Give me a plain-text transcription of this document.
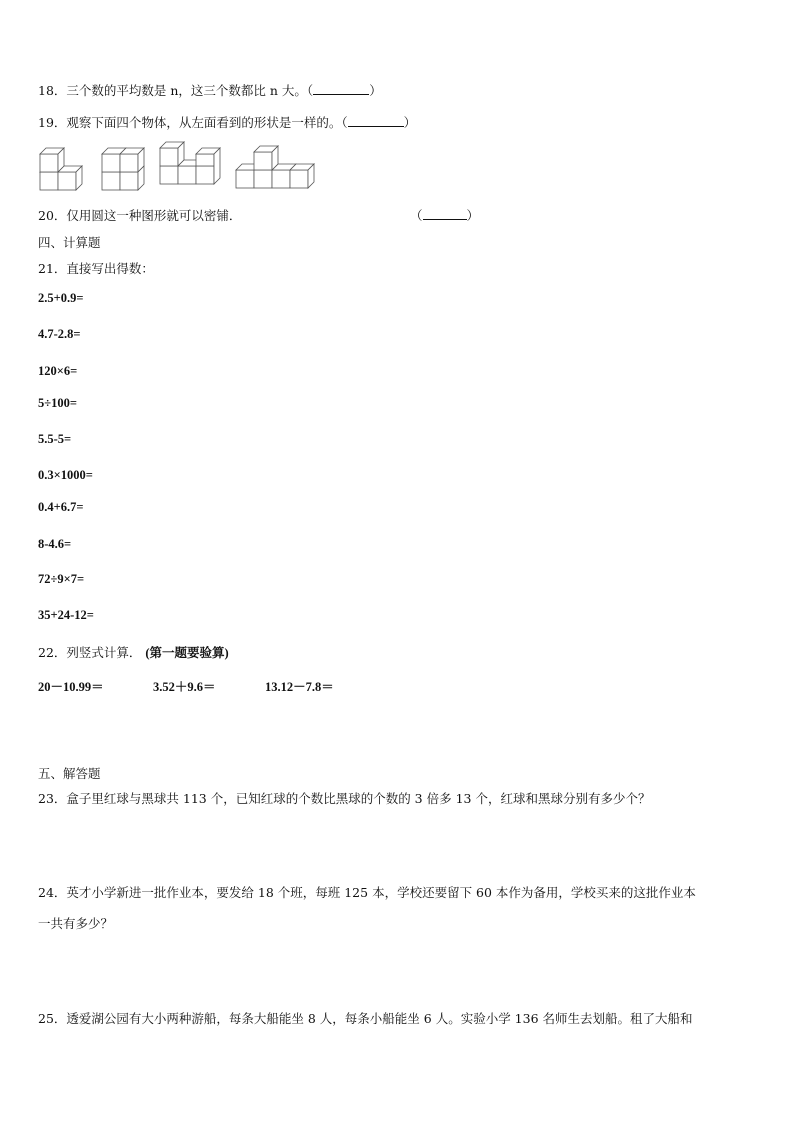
18．三个数的平均数是 n，这三个数都比 n 大。（	）
19．观察下面四个物体，从左面看到的形状是一样的。（	）
20．仅用圆这一种图形就可以密铺．	（	）
四、计算题
21．直接写出得数：
2.5+0.9=
4.7-2.8=
120×6=
5÷100=
5.5-5=
0.3×1000=
0.4+6.7=
8-4.6=
72÷9×7=
35+24-12=
22．列竖式计算． (第一题要验算)
20－10.99＝	3.52＋9.6＝	13.12－7.8＝
五、解答题
23．盒子里红球与黑球共 113 个，已知红球的个数比黑球的个数的 3 倍多 13 个，红球和黑球分别有多少个？
24．英才小学新进一批作业本，要发给 18 个班，每班 125 本，学校还要留下 60 本作为备用，学校买来的这批作业本
一共有多少？
25．透爱湖公园有大小两种游船，每条大船能坐 8 人，每条小船能坐 6 人。实验小学 136 名师生去划船。租了大船和
